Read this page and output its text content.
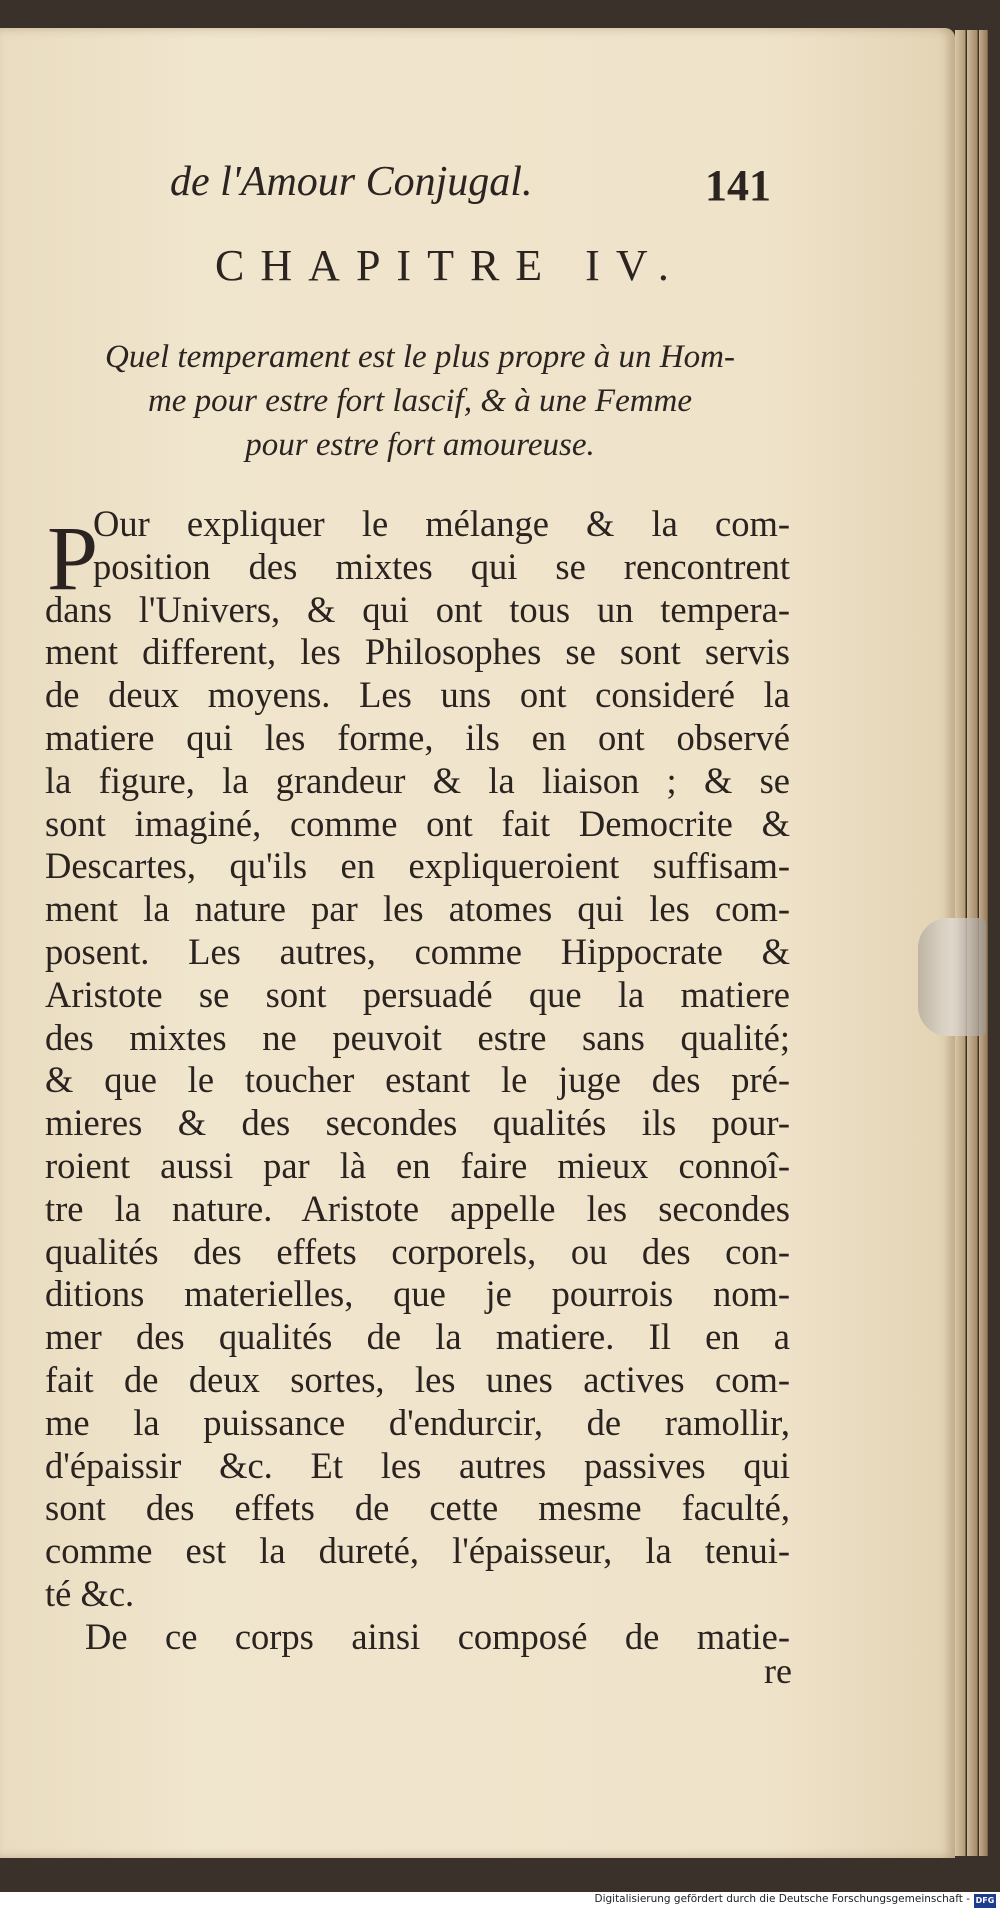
de l'Amour Conjugal.	141
CHAPITRE IV.
Quel temperament est le plus propre à un Hom-
me pour estre fort lascif, & à une Femme
pour estre fort amoureuse.
P
Our expliquer le mélange & la com-
position des mixtes qui se rencontrent
dans l'Univers, & qui ont tous un tempera-
ment different, les Philosophes se sont servis
de deux moyens. Les uns ont consideré la
matiere qui les forme, ils en ont observé
la figure, la grandeur & la liaison ; & se
sont imaginé, comme ont fait Democrite &
Descartes, qu'ils en expliqueroient suffisam-
ment la nature par les atomes qui les com-
posent. Les autres, comme Hippocrate &
Aristote se sont persuadé que la matiere
des mixtes ne peuvoit estre sans qualité;
& que le toucher estant le juge des pré-
mieres & des secondes qualités ils pour-
roient aussi par là en faire mieux connoî-
tre la nature. Aristote appelle les secondes
qualités des effets corporels, ou des con-
ditions materielles, que je pourrois nom-
mer des qualités de la matiere. Il en a
fait de deux sortes, les unes actives com-
me la puissance d'endurcir, de ramollir,
d'épaissir &c. Et les autres passives qui
sont des effets de cette mesme faculté,
comme est la dureté, l'épaisseur, la tenui-
té &c.
De ce corps ainsi composé de matie-
re
Digitalisierung gefördert durch die Deutsche Forschungsgemeinschaft - DFG
